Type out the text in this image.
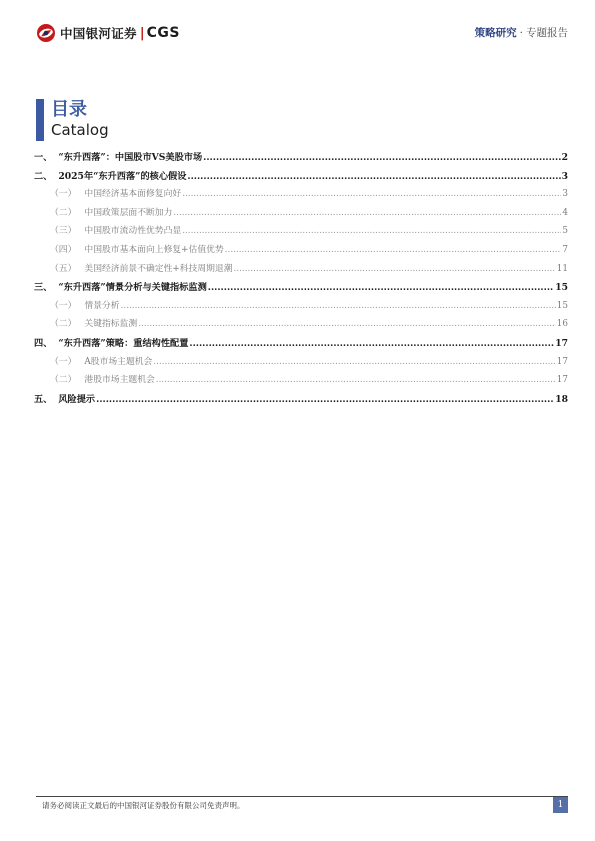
中国银河证券 | CGS	策略研究 · 专题报告
目录
Catalog
一、 “东升西落”：中国股市VS美股市场 .....	2
二、 2025年“东升西落”的核心假设 .....	3
（一） 中国经济基本面修复向好 .....	3
（二） 中国政策层面不断加力 .....	4
（三） 中国股市流动性优势凸显 .....	5
（四） 中国股市基本面向上修复+估值优势 .....	7
（五） 美国经济前景不确定性+科技周期退潮 .....	11
三、 “东升西落”情景分析与关键指标监测 .....	15
（一） 情景分析 .....	15
（二） 关键指标监测 .....	16
四、 “东升西落”策略：重结构性配置 .....	17
（一） A股市场主题机会 .....	17
（二） 港股市场主题机会 .....	17
五、 风险提示 .....	18
请务必阅读正文最后的中国银河证券股份有限公司免责声明。	1
